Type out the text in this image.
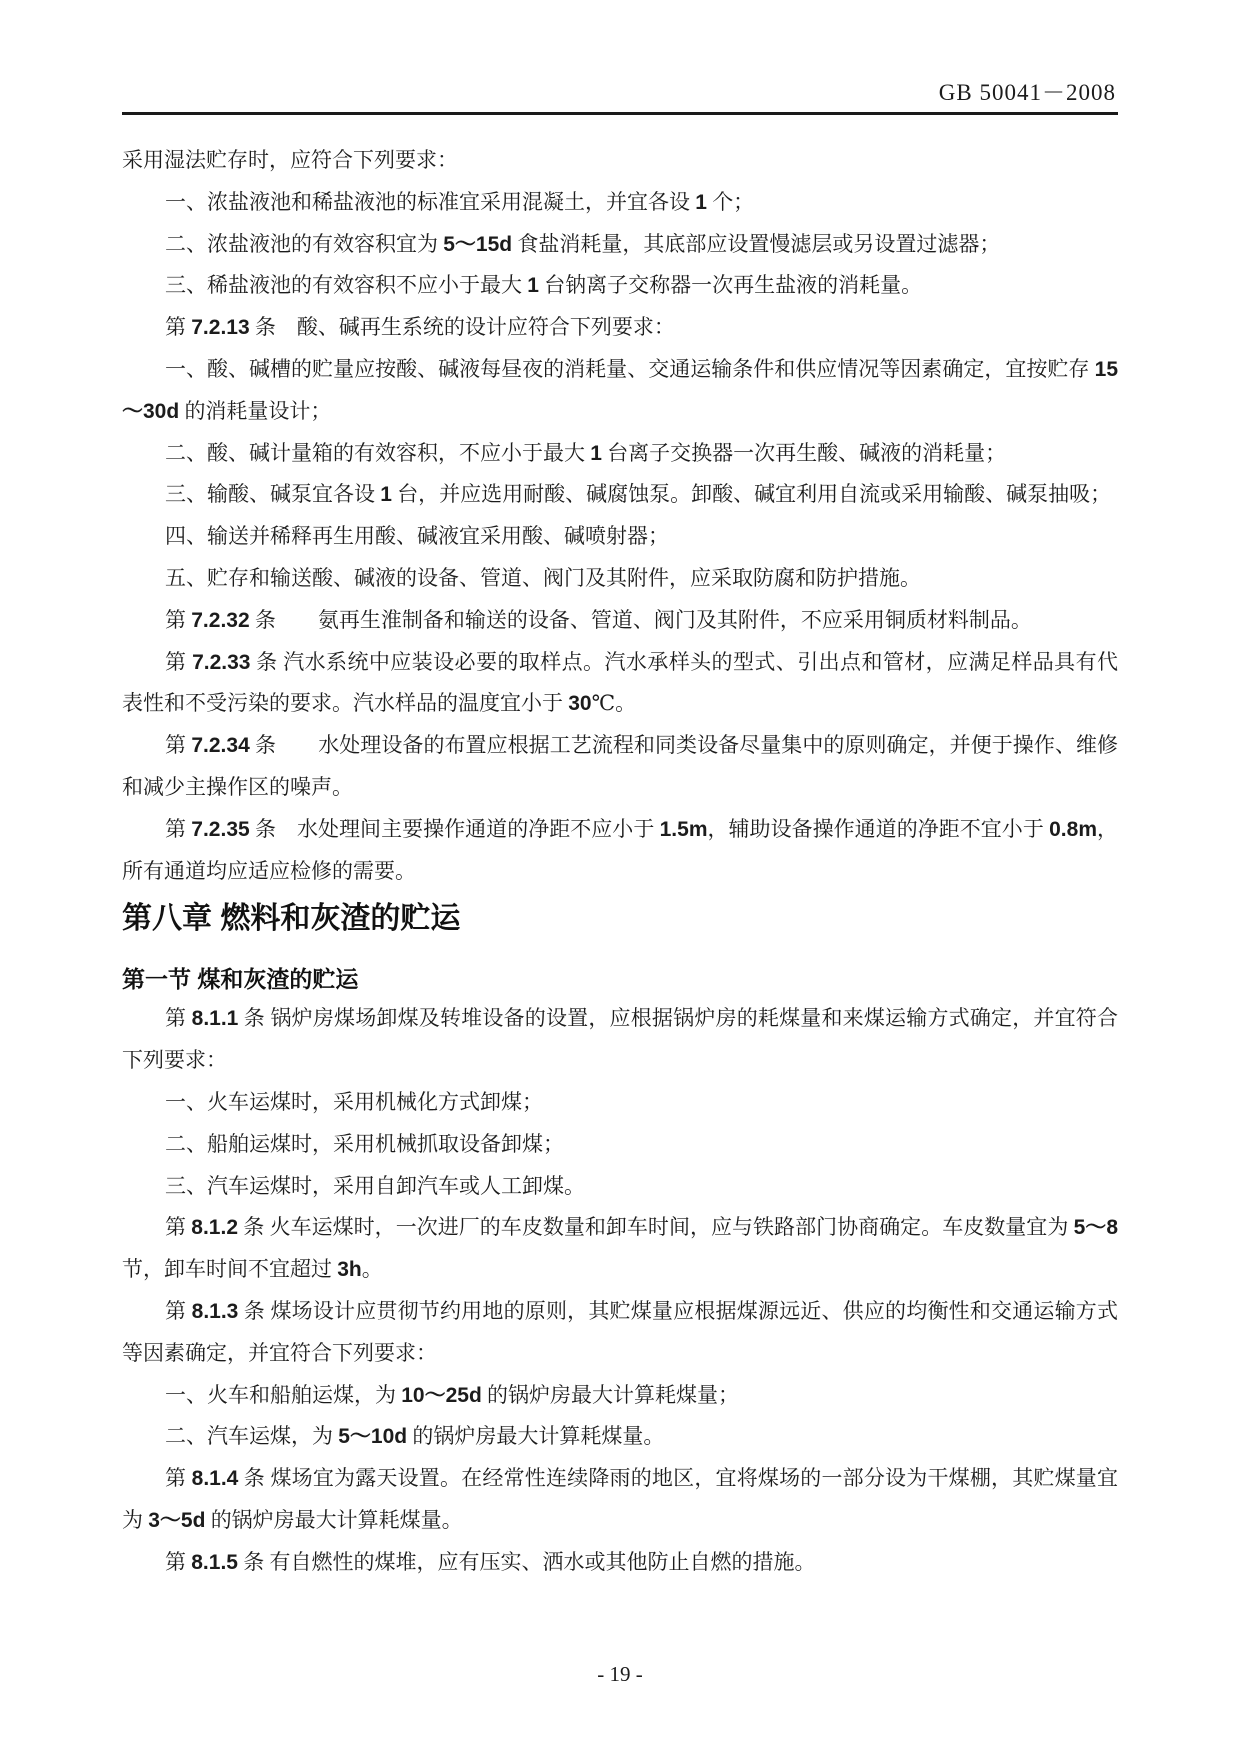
GB 50041－2008

采用湿法贮存时，应符合下列要求：

一、浓盐液池和稀盐液池的标准宜采用混凝土，并宜各设 1 个；

二、浓盐液池的有效容积宜为 5～15d 食盐消耗量，其底部应设置慢滤层或另设置过滤器；

三、稀盐液池的有效容积不应小于最大 1 台钠离子交称器一次再生盐液的消耗量。

第 7.2.13 条　酸、碱再生系统的设计应符合下列要求：

一、酸、碱槽的贮量应按酸、碱液每昼夜的消耗量、交通运输条件和供应情况等因素确定，宜按贮存 15～30d 的消耗量设计；

二、酸、碱计量箱的有效容积，不应小于最大 1 台离子交换器一次再生酸、碱液的消耗量；

三、输酸、碱泵宜各设 1 台，并应选用耐酸、碱腐蚀泵。卸酸、碱宜利用自流或采用输酸、碱泵抽吸；

四、输送并稀释再生用酸、碱液宜采用酸、碱喷射器；

五、贮存和输送酸、碱液的设备、管道、阀门及其附件，应采取防腐和防护措施。

第 7.2.32 条　　氨再生淮制备和输送的设备、管道、阀门及其附件，不应采用铜质材料制品。

第 7.2.33 条 汽水系统中应装设必要的取样点。汽水承样头的型式、引出点和管材，应满足样品具有代表性和不受污染的要求。汽水样品的温度宜小于 30℃。

第 7.2.34 条　　水处理设备的布置应根据工艺流程和同类设备尽量集中的原则确定，并便于操作、维修和减少主操作区的噪声。

第 7.2.35 条　水处理间主要操作通道的净距不应小于 1.5m，辅助设备操作通道的净距不宜小于 0.8m，所有通道均应适应检修的需要。

第八章 燃料和灰渣的贮运
第一节 煤和灰渣的贮运

第 8.1.1 条 锅炉房煤场卸煤及转堆设备的设置，应根据锅炉房的耗煤量和来煤运输方式确定，并宜符合下列要求：

一、火车运煤时，采用机械化方式卸煤；

二、船舶运煤时，采用机械抓取设备卸煤；

三、汽车运煤时，采用自卸汽车或人工卸煤。

第 8.1.2 条 火车运煤时，一次进厂的车皮数量和卸车时间，应与铁路部门协商确定。车皮数量宜为 5～8 节，卸车时间不宜超过 3h。

第 8.1.3 条 煤场设计应贯彻节约用地的原则，其贮煤量应根据煤源远近、供应的均衡性和交通运输方式等因素确定，并宜符合下列要求：

一、火车和船舶运煤，为 10～25d 的锅炉房最大计算耗煤量；

二、汽车运煤，为 5～10d 的锅炉房最大计算耗煤量。

第 8.1.4 条 煤场宜为露天设置。在经常性连续降雨的地区，宜将煤场的一部分设为干煤棚，其贮煤量宜为 3～5d 的锅炉房最大计算耗煤量。

第 8.1.5 条 有自燃性的煤堆，应有压实、洒水或其他防止自燃的措施。

- 19 -
